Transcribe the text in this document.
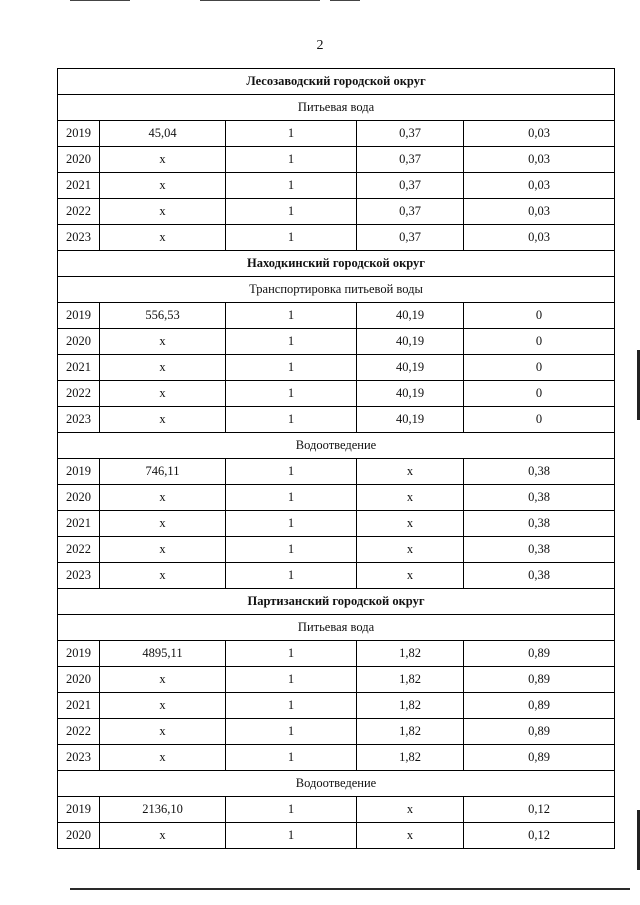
2
Лесозаводский городской округ				
Питьевая вода				
2019	45,04	1	0,37	0,03
2020	х	1	0,37	0,03
2021	х	1	0,37	0,03
2022	х	1	0,37	0,03
2023	х	1	0,37	0,03
Находкинский городской округ				
Транспортировка питьевой воды				
2019	556,53	1	40,19	0
2020	х	1	40,19	0
2021	х	1	40,19	0
2022	х	1	40,19	0
2023	х	1	40,19	0
Водоотведение				
2019	746,11	1	х	0,38
2020	х	1	х	0,38
2021	х	1	х	0,38
2022	х	1	х	0,38
2023	х	1	х	0,38
Партизанский городской округ				
Питьевая вода				
2019	4895,11	1	1,82	0,89
2020	х	1	1,82	0,89
2021	х	1	1,82	0,89
2022	х	1	1,82	0,89
2023	х	1	1,82	0,89
Водоотведение				
2019	2136,10	1	х	0,12
2020	х	1	х	0,12
